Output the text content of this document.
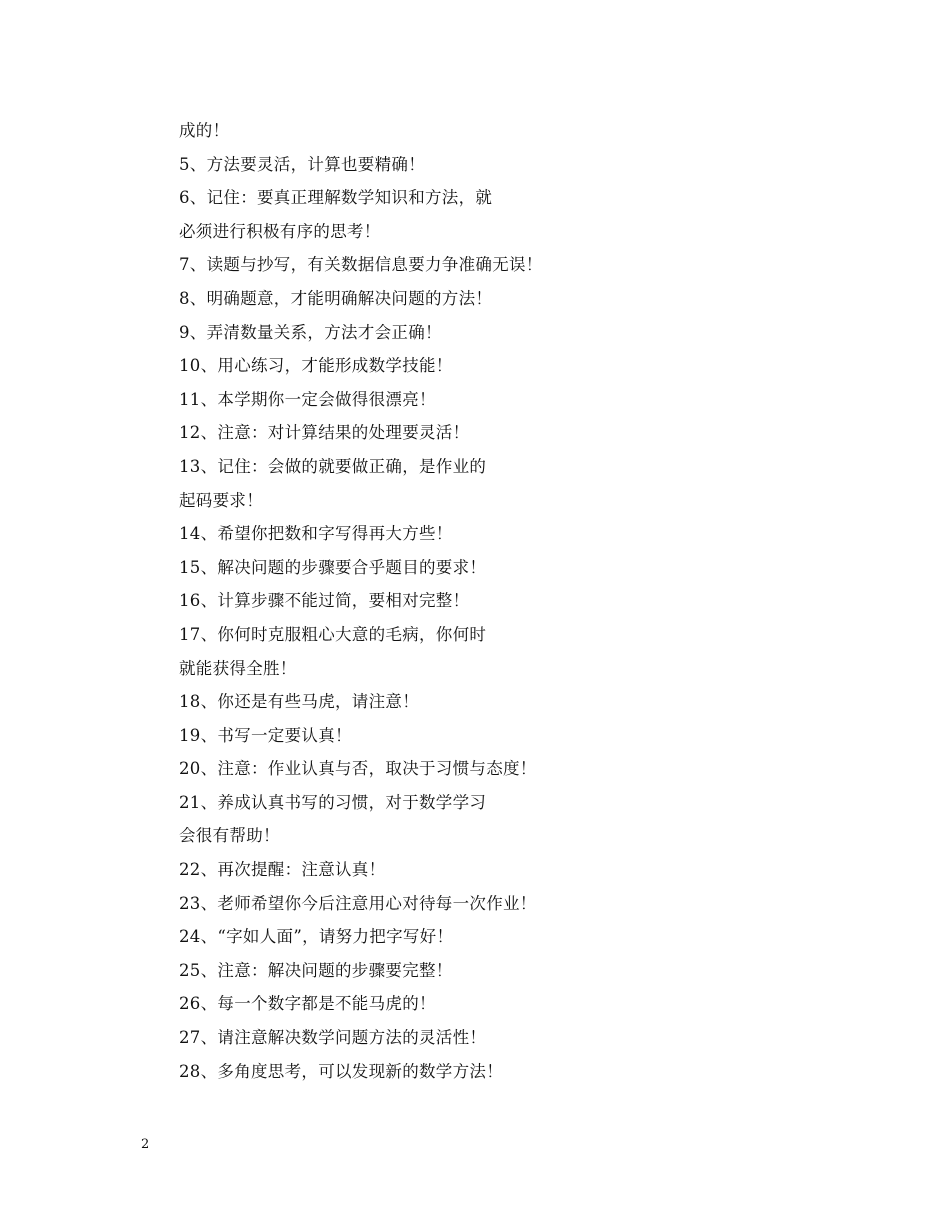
成的！
5、方法要灵活，计算也要精确！
6、记住：要真正理解数学知识和方法，就
必须进行积极有序的思考！
7、读题与抄写，有关数据信息要力争准确无误！
8、明确题意，才能明确解决问题的方法！
9、弄清数量关系，方法才会正确！
10、用心练习，才能形成数学技能！
11、本学期你一定会做得很漂亮！
12、注意：对计算结果的处理要灵活！
13、记住：会做的就要做正确，是作业的
起码要求！
14、希望你把数和字写得再大方些！
15、解决问题的步骤要合乎题目的要求！
16、计算步骤不能过简，要相对完整！
17、你何时克服粗心大意的毛病，你何时
就能获得全胜！
18、你还是有些马虎，请注意！
19、书写一定要认真！
20、注意：作业认真与否，取决于习惯与态度！
21、养成认真书写的习惯，对于数学学习
会很有帮助！
22、再次提醒：注意认真！
23、老师希望你今后注意用心对待每一次作业！
24、“字如人面”，请努力把字写好！
25、注意：解决问题的步骤要完整！
26、每一个数字都是不能马虎的！
27、请注意解决数学问题方法的灵活性！
28、多角度思考，可以发现新的数学方法！
2
